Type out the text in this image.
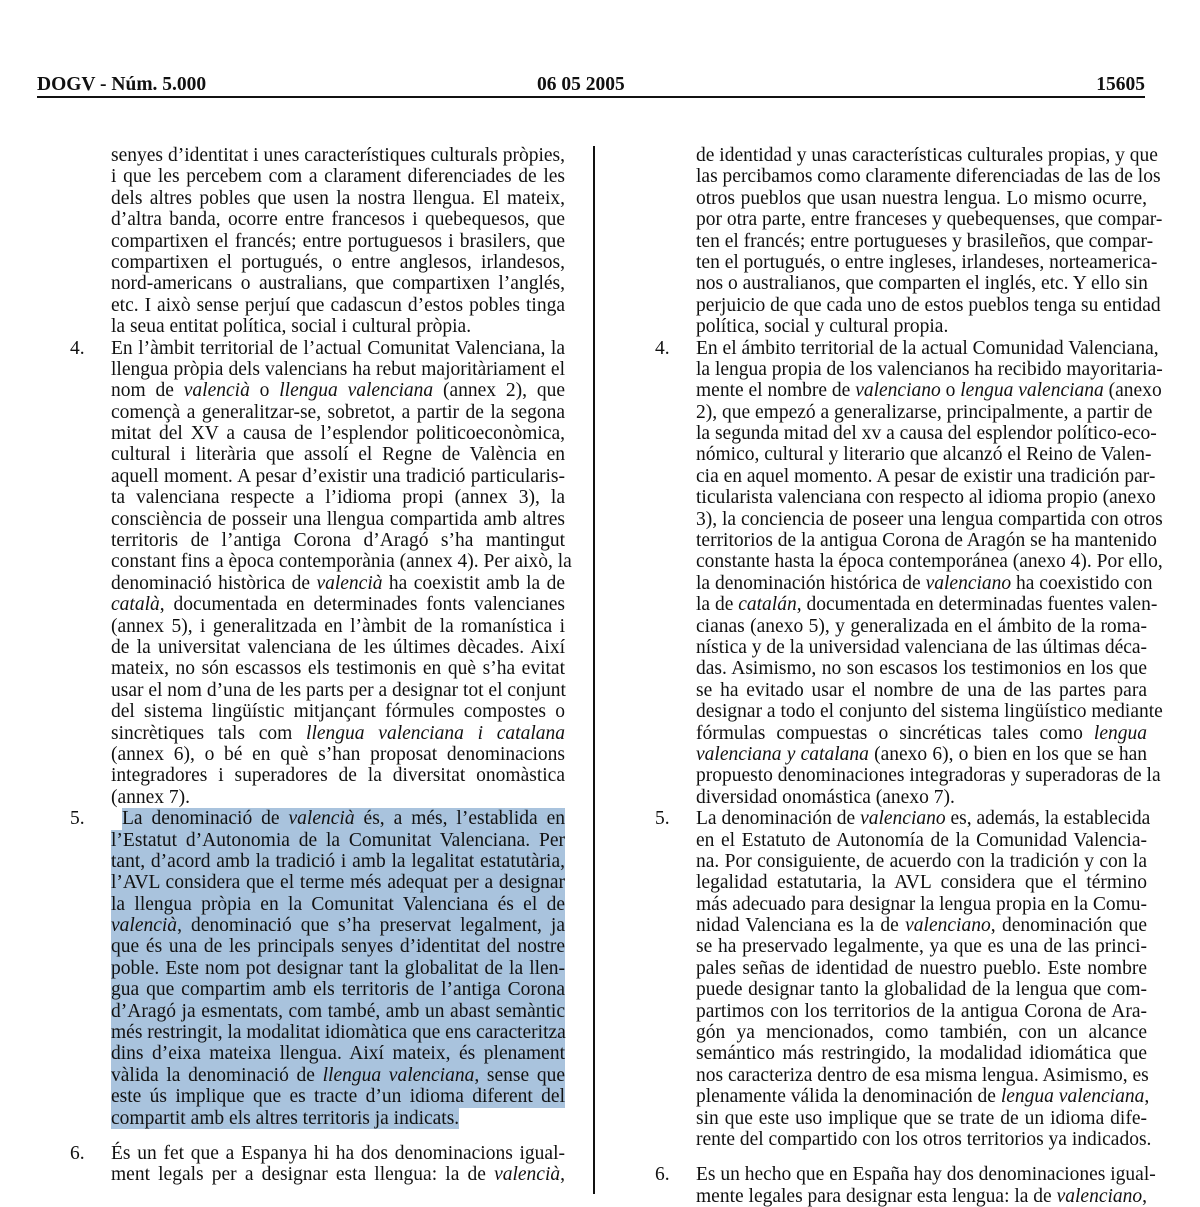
DOGV - Núm. 5.000	06 05 2005	15605
senyes d’identitat i unes característiques culturals pròpies,
i que les percebem com a clarament diferenciades de les
dels altres pobles que usen la nostra llengua. El mateix,
d’altra banda, ocorre entre francesos i quebequesos, que
compartixen el francés; entre portuguesos i brasilers, que
compartixen el portugués, o entre anglesos, irlandesos,
nord-americans o australians, que compartixen l’anglés,
etc. I això sense perjuí que cadascun d’estos pobles tinga
la seua entitat política, social i cultural pròpia.
4. En l’àmbit territorial de l’actual Comunitat Valenciana, la
llengua pròpia dels valencians ha rebut majoritàriament el
nom de valencià o llengua valenciana (annex 2), que
començà a generalitzar-se, sobretot, a partir de la segona
mitat del XV a causa de l’esplendor politicoeconòmica,
cultural i literària que assolí el Regne de València en
aquell moment. A pesar d’existir una tradició particularis-
ta valenciana respecte a l’idioma propi (annex 3), la
consciència de posseir una llengua compartida amb altres
territoris de l’antiga Corona d’Aragó s’ha mantingut
constant fins a època contemporània (annex 4). Per això, la
denominació històrica de valencià ha coexistit amb la de
català, documentada en determinades fonts valencianes
(annex 5), i generalitzada en l’àmbit de la romanística i
de la universitat valenciana de les últimes dècades. Així
mateix, no són escassos els testimonis en què s’ha evitat
usar el nom d’una de les parts per a designar tot el conjunt
del sistema lingüístic mitjançant fórmules compostes o
sincrètiques tals com llengua valenciana i catalana
(annex 6), o bé en què s’han proposat denominacions
integradores i superadores de la diversitat onomàstica
(annex 7).
5. La denominació de valencià és, a més, l’establida en
l’Estatut d’Autonomia de la Comunitat Valenciana. Per
tant, d’acord amb la tradició i amb la legalitat estatutària,
l’AVL considera que el terme més adequat per a designar
la llengua pròpia en la Comunitat Valenciana és el de
valencià, denominació que s’ha preservat legalment, ja
que és una de les principals senyes d’identitat del nostre
poble. Este nom pot designar tant la globalitat de la llen-
gua que compartim amb els territoris de l’antiga Corona
d’Aragó ja esmentats, com també, amb un abast semàntic
més restringit, la modalitat idiomàtica que ens caracteritza
dins d’eixa mateixa llengua. Així mateix, és plenament
vàlida la denominació de llengua valenciana, sense que
este ús implique que es tracte d’un idioma diferent del
compartit amb els altres territoris ja indicats.
6. És un fet que a Espanya hi ha dos denominacions igual-
ment legals per a designar esta llengua: la de valencià,
de identidad y unas características culturales propias, y que
las percibamos como claramente diferenciadas de las de los
otros pueblos que usan nuestra lengua. Lo mismo ocurre,
por otra parte, entre franceses y quebequenses, que compar-
ten el francés; entre portugueses y brasileños, que compar-
ten el portugués, o entre ingleses, irlandeses, norteamerica-
nos o australianos, que comparten el inglés, etc. Y ello sin
perjuicio de que cada uno de estos pueblos tenga su entidad
política, social y cultural propia.
4. En el ámbito territorial de la actual Comunidad Valenciana,
la lengua propia de los valencianos ha recibido mayoritaria-
mente el nombre de valenciano o lengua valenciana (anexo
2), que empezó a generalizarse, principalmente, a partir de
la segunda mitad del xv a causa del esplendor político-eco-
nómico, cultural y literario que alcanzó el Reino de Valen-
cia en aquel momento. A pesar de existir una tradición par-
ticularista valenciana con respecto al idioma propio (anexo
3), la conciencia de poseer una lengua compartida con otros
territorios de la antigua Corona de Aragón se ha mantenido
constante hasta la época contemporánea (anexo 4). Por ello,
la denominación histórica de valenciano ha coexistido con
la de catalán, documentada en determinadas fuentes valen-
cianas (anexo 5), y generalizada en el ámbito de la roma-
nística y de la universidad valenciana de las últimas déca-
das. Asimismo, no son escasos los testimonios en los que
se ha evitado usar el nombre de una de las partes para
designar a todo el conjunto del sistema lingüístico mediante
fórmulas compuestas o sincréticas tales como lengua
valenciana y catalana (anexo 6), o bien en los que se han
propuesto denominaciones integradoras y superadoras de la
diversidad onomástica (anexo 7).
5. La denominación de valenciano es, además, la establecida
en el Estatuto de Autonomía de la Comunidad Valencia-
na. Por consiguiente, de acuerdo con la tradición y con la
legalidad estatutaria, la AVL considera que el término
más adecuado para designar la lengua propia en la Comu-
nidad Valenciana es la de valenciano, denominación que
se ha preservado legalmente, ya que es una de las princi-
pales señas de identidad de nuestro pueblo. Este nombre
puede designar tanto la globalidad de la lengua que com-
partimos con los territorios de la antigua Corona de Ara-
gón ya mencionados, como también, con un alcance
semántico más restringido, la modalidad idiomática que
nos caracteriza dentro de esa misma lengua. Asimismo, es
plenamente válida la denominación de lengua valenciana,
sin que este uso implique que se trate de un idioma dife-
rente del compartido con los otros territorios ya indicados.
6. Es un hecho que en España hay dos denominaciones igual-
mente legales para designar esta lengua: la de valenciano,
